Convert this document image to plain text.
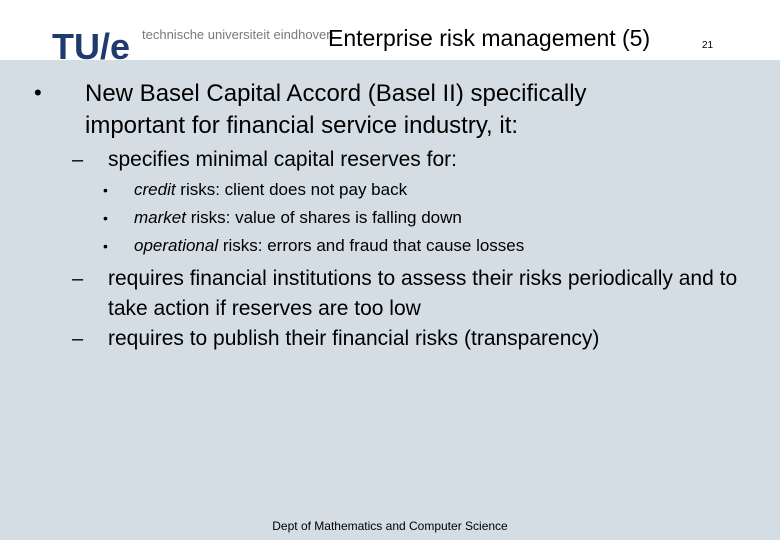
TU/e technische universiteit eindhoven
Enterprise risk management (5)	21
• New Basel Capital Accord (Basel II) specifically important for financial service industry, it:
– specifies minimal capital reserves for:
• credit risks: client does not pay back
• market risks: value of shares is falling down
• operational risks: errors and fraud that cause losses
– requires financial institutions to assess their risks periodically and to take action if reserves are too low
– requires to publish their financial risks (transparency)
Dept of Mathematics and Computer Science
